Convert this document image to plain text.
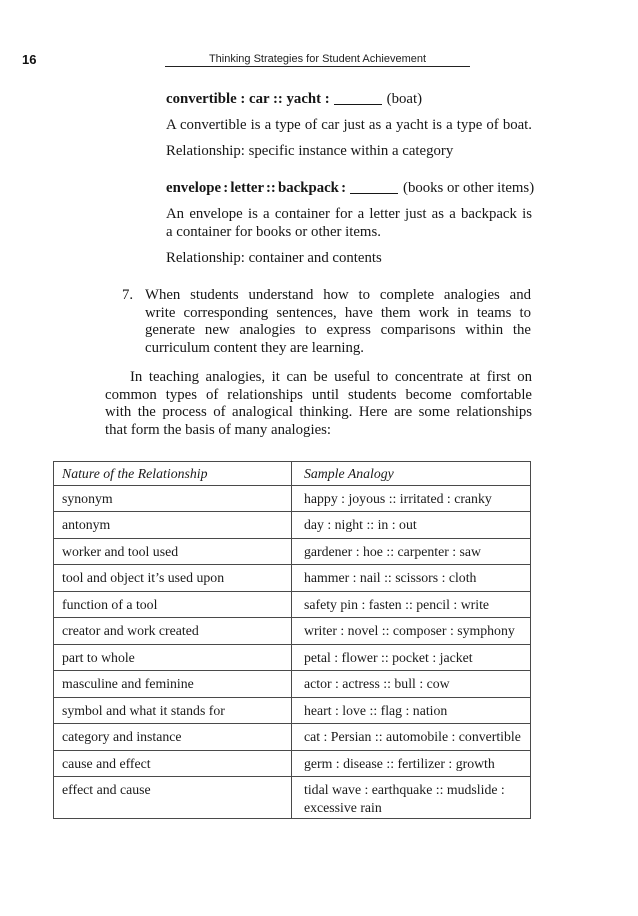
16	Thinking Strategies for Student Achievement
convertible : car :: yacht :	(boat)
A convertible is a type of car just as a yacht is a type of boat.
Relationship: specific instance within a category
envelope : letter :: backpack :	(books or other items)
An envelope is a container for a letter just as a backpack is
a container for books or other items.
Relationship: container and contents
7. When students understand how to complete analogies and
write corresponding sentences, have them work in teams to
generate new analogies to express comparisons within the
curriculum content they are learning.
In teaching analogies, it can be useful to concentrate at first on
common types of relationships until students become comfortable
with the process of analogical thinking. Here are some relationships
that form the basis of many analogies:
Nature of the Relationship	Sample Analogy
synonym	happy : joyous :: irritated : cranky
antonym	day : night :: in : out
worker and tool used	gardener : hoe :: carpenter : saw
tool and object it’s used upon	hammer : nail :: scissors : cloth
function of a tool	safety pin : fasten :: pencil : write
creator and work created	writer : novel :: composer : symphony
part to whole	petal : flower :: pocket : jacket
masculine and feminine	actor : actress :: bull : cow
symbol and what it stands for	heart : love :: flag : nation
category and instance	cat : Persian :: automobile : convertible
cause and effect	germ : disease :: fertilizer : growth
effect and cause	tidal wave : earthquake :: mudslide : excessive rain
